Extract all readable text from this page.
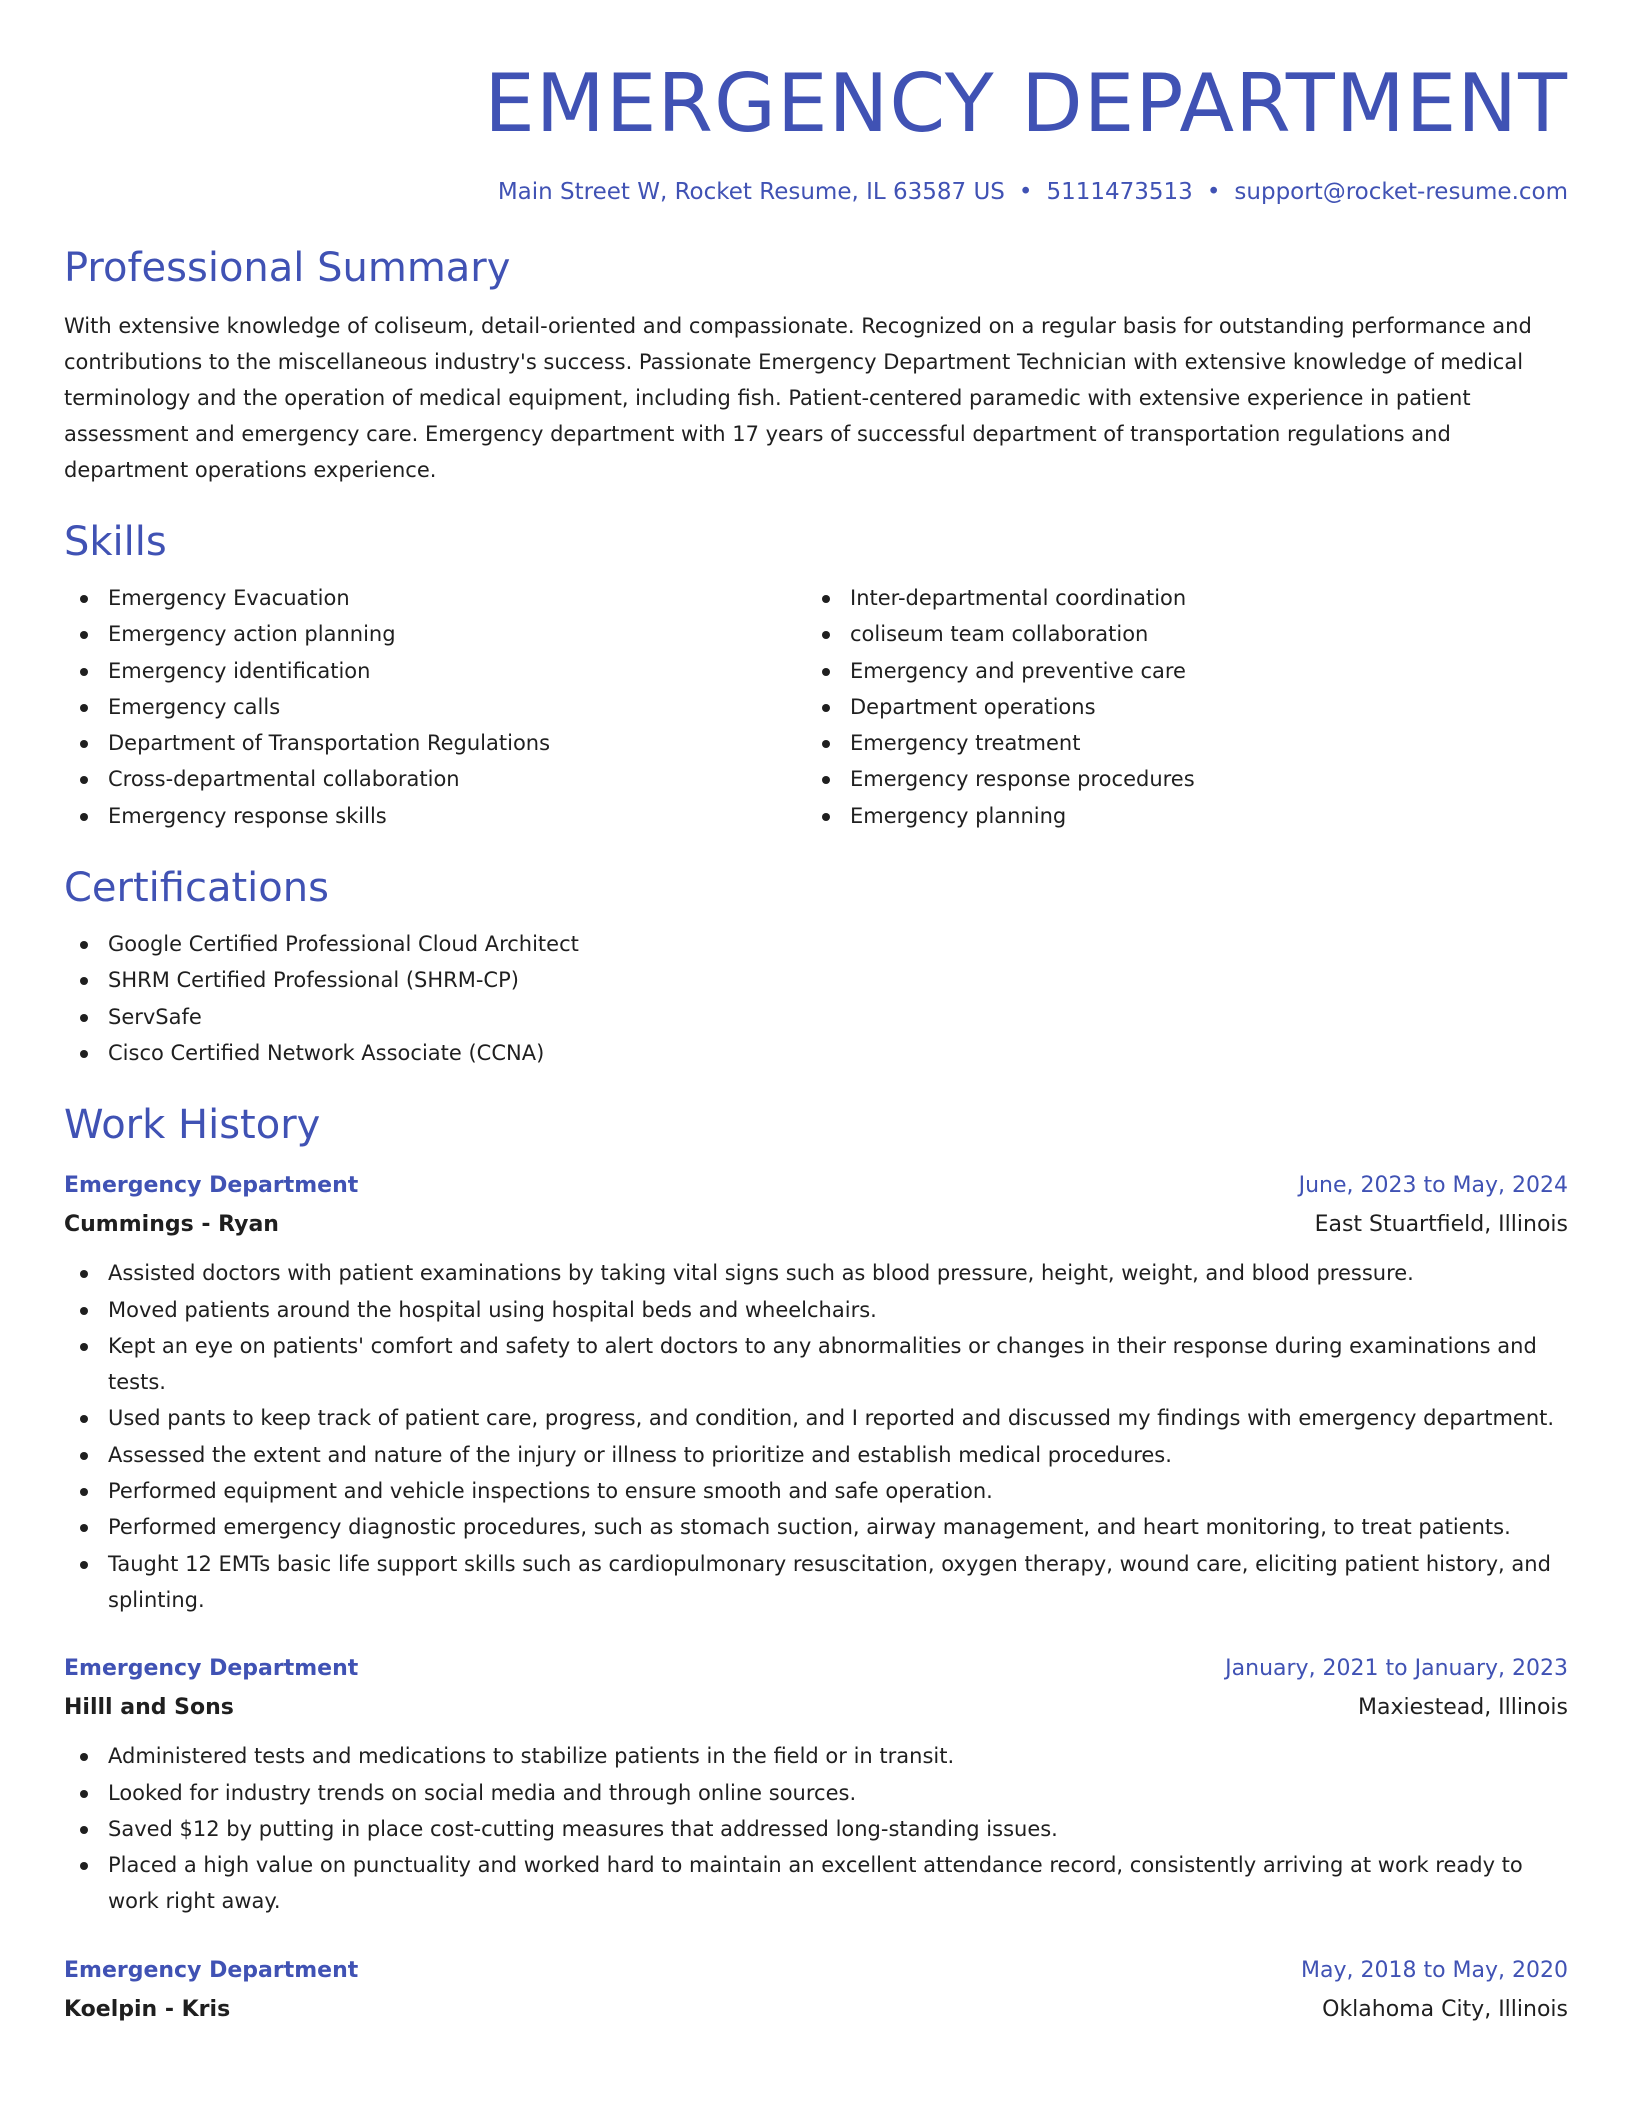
EMERGENCY DEPARTMENT
Main Street W, Rocket Resume, IL 63587 US • 5111473513 • support@rocket-resume.com
Professional Summary

With extensive knowledge of coliseum, detail-oriented and compassionate. Recognized on a regular basis for outstanding performance and contributions to the miscellaneous industry's success. Passionate Emergency Department Technician with extensive knowledge of medical terminology and the operation of medical equipment, including fish. Patient-centered paramedic with extensive experience in patient assessment and emergency care. Emergency department with 17 years of successful department of transportation regulations and department operations experience.

Skills
Emergency Evacuation
Emergency action planning
Emergency identification
Emergency calls
Department of Transportation Regulations
Cross-departmental collaboration
Emergency response skills
Inter-departmental coordination
coliseum team collaboration
Emergency and preventive care
Department operations
Emergency treatment
Emergency response procedures
Emergency planning
Certifications
Google Certified Professional Cloud Architect
SHRM Certified Professional (SHRM-CP)
ServSafe
Cisco Certified Network Associate (CCNA)
Work History
Emergency Department	June, 2023 to May, 2024
Cummings - Ryan	East Stuartfield, Illinois
Assisted doctors with patient examinations by taking vital signs such as blood pressure, height, weight, and blood pressure.
Moved patients around the hospital using hospital beds and wheelchairs.
Kept an eye on patients' comfort and safety to alert doctors to any abnormalities or changes in their response during examinations and tests.
Used pants to keep track of patient care, progress, and condition, and I reported and discussed my findings with emergency department.
Assessed the extent and nature of the injury or illness to prioritize and establish medical procedures.
Performed equipment and vehicle inspections to ensure smooth and safe operation.
Performed emergency diagnostic procedures, such as stomach suction, airway management, and heart monitoring, to treat patients.
Taught 12 EMTs basic life support skills such as cardiopulmonary resuscitation, oxygen therapy, wound care, eliciting patient history, and splinting.
Emergency Department	January, 2021 to January, 2023
Hilll and Sons	Maxiestead, Illinois
Administered tests and medications to stabilize patients in the field or in transit.
Looked for industry trends on social media and through online sources.
Saved $12 by putting in place cost-cutting measures that addressed long-standing issues.
Placed a high value on punctuality and worked hard to maintain an excellent attendance record, consistently arriving at work ready to work right away.
Emergency Department	May, 2018 to May, 2020
Koelpin - Kris	Oklahoma City, Illinois
